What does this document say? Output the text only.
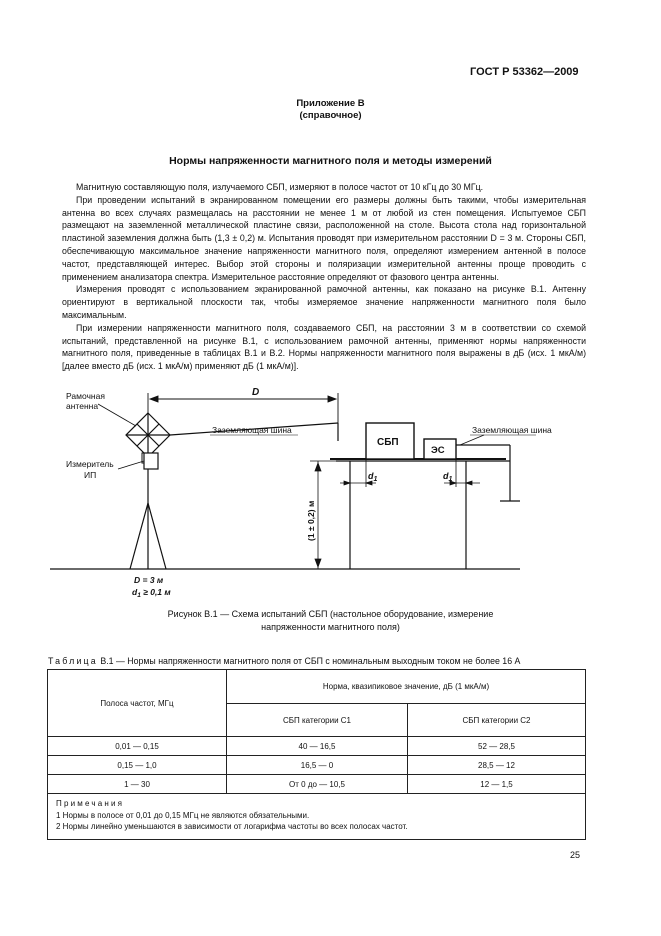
ГОСТ Р 53362—2009
Приложение В
(справочное)
Нормы напряженности магнитного поля и методы измерений

Магнитную составляющую поля, излучаемого СБП, измеряют в полосе частот от 10 кГц до 30 МГц.

При проведении испытаний в экранированном помещении его размеры должны быть такими, чтобы измерительная антенна во всех случаях размещалась на расстоянии не менее 1 м от любой из стен помещения. Испытуемое СБП размещают на заземленной металлической пластине связи, расположенной на столе. Высота стола над горизонтальной пластиной заземления должна быть (1,3 ± 0,2) м. Испытания проводят при измерительном расстоянии D = 3 м. Стороны СБП, обеспечивающую максимальное значение напряженности магнитного поля, определяют измерением антенной в полосе частот, представляющей интерес. Выбор этой стороны и поляризации измерительной антенны проще проводить с применением анализатора спектра. Измерительное расстояние определяют от фазового центра антенны.

Измерения проводят с использованием экранированной рамочной антенны, как показано на рисунке В.1. Антенну ориентируют в вертикальной плоскости так, чтобы измеряемое значение напряженности магнитного поля было максимальным.

При измерении напряженности магнитного поля, создаваемого СБП, на расстоянии 3 м в соответствии со схемой испытаний, представленной на рисунке В.1, с использованием рамочной антенны, применяют нормы напряженности магнитного поля, приведенные в таблицах В.1 и В.2. Нормы напряженности магнитного поля выражены в дБ (исх. 1 мкА/м) [далее вместо дБ (исх. 1 мкА/м) применяют дБ (1 мкА/м)].

Рамочная
антенна
Измеритель
ИП
D
Заземляющая шина
СБП
ЭС
Заземляющая шина
$d_1$	$d_1$
(1 ± 0,2) м
D = 3 м
$d_1 \ge 0,1$ м
Рисунок В.1 — Схема испытаний СБП (настольное оборудование, измерение
напряженности магнитного поля)
Таблица В.1 — Нормы напряженности магнитного поля от СБП с номинальным выходным током не более 16 А
Полоса частот, МГц	Норма, квазипиковое значение, дБ (1 мкА/м)	
	СБП категории С1	СБП категории С2
0,01 — 0,15	40 — 16,5	52 — 28,5
0,15 — 1,0	16,5 — 0	28,5 — 12
1 — 30	От 0 до — 10,5	12 — 1,5

Примечания
1 Нормы в полосе от 0,01 до 0,15 МГц не являются обязательными.
2 Нормы линейно уменьшаются в зависимости от логарифма частоты во всех полосах частот.		
25
